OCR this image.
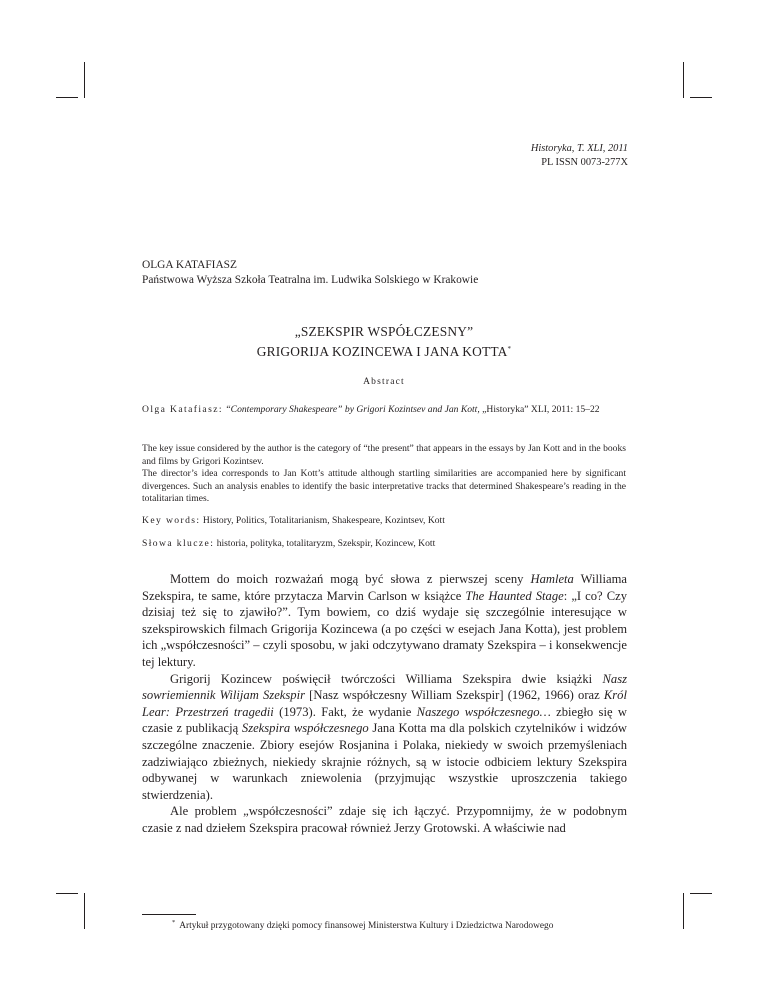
Historyka, T. XLI, 2011
PL ISSN 0073-277X
OLGA KATAFIASZ
Państwowa Wyższa Szkoła Teatralna im. Ludwika Solskiego w Krakowie
„SZEKSPIR WSPÓŁCZESNY”
GRIGORIJA KOZINCEWA I JANA KOTTA*
Abstract
Olga Katafiasz: “Contemporary Shakespeare” by Grigori Kozintsev and Jan Kott, „Historyka” XLI, 2011: 15–22
The key issue considered by the author is the category of “the present” that appears in the essays by Jan Kott and in the books and films by Grigori Kozintsev.
The director’s idea corresponds to Jan Kott’s attitude although startling similarities are accompanied here by significant divergences. Such an analysis enables to identify the basic interpretative tracks that determined Shakespeare’s reading in the totalitarian times.
Key words: History, Politics, Totalitarianism, Shakespeare, Kozintsev, Kott
Słowa klucze: historia, polityka, totalitaryzm, Szekspir, Kozincew, Kott

Mottem do moich rozważań mogą być słowa z pierwszej sceny Hamleta Williama Szekspira, te same, które przytacza Marvin Carlson w książce The Haunted Stage: „I co? Czy dzisiaj też się to zjawiło?”. Tym bowiem, co dziś wydaje się szczególnie interesujące w szekspirowskich filmach Grigorija Kozincewa (a po części w esejach Jana Kotta), jest problem ich „współczesności” – czyli sposobu, w jaki odczytywano dramaty Szekspira – i konsekwencje tej lektury.

Grigorij Kozincew poświęcił twórczości Williama Szekspira dwie książki Nasz sowriemiennik Wilijam Szekspir [Nasz współczesny William Szekspir] (1962, 1966) oraz Król Lear: Przestrzeń tragedii (1973). Fakt, że wydanie Naszego współczesnego… zbiegło się w czasie z publikacją Szekspira współczesnego Jana Kotta ma dla polskich czytelników i widzów szczególne znaczenie. Zbiory esejów Rosjanina i Polaka, niekiedy w swoich przemyśleniach zadziwiająco zbieżnych, niekiedy skrajnie różnych, są w istocie odbiciem lektury Szekspira odbywanej w warunkach zniewolenia (przyjmując wszystkie uproszczenia takiego stwierdzenia).

Ale problem „współczesności” zdaje się ich łączyć. Przypomnijmy, że w podobnym czasie z nad dziełem Szekspira pracował również Jerzy Grotowski. A właściwie nad

* Artykuł przygotowany dzięki pomocy finansowej Ministerstwa Kultury i Dziedzictwa Narodowego
